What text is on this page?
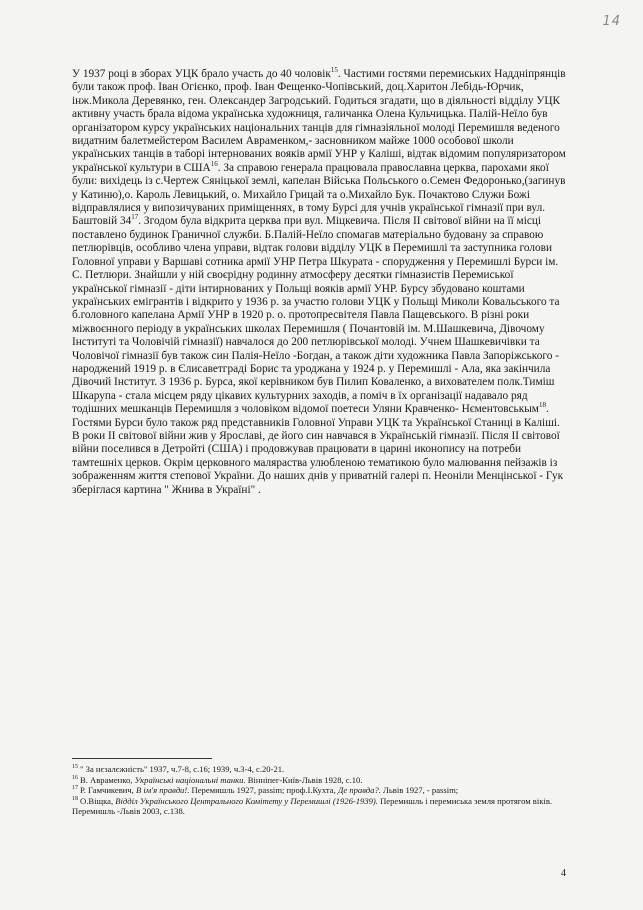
14

У 1937 році в зборах УЦК брало участь до 40 чоловік$^{15}$. Частими гостями перемиських Наддніпрянців були також проф. Іван Огієнко, проф. Іван Фещенко-Чопівський, доц.Харитон Лебідь-Юрчик, інж.Микола Деревянко, ген. Олександер Загродський. Годиться згадати, що в діяльності відділу УЦК активну участь брала відома українська художниця, галичанка Олена Кульчицька. Палій-Неїло був організатором курсу українських національних танців для гімназіяльної молоді Перемишля веденого видатним балетмейстером Василем Авраменком,- засновником майже 1000 особової школи українських танців в таборі інтернованих вояків армії УНР у Каліші, відтак відомим популяризатором української культури в США$^{16}$. За справою генерала працювала православна церква, парохами якої були: вихідець із с.Чертеж Сяніцької землі, капелан Війська Польського о.Семен Федоронько,(загинув у Катиню),о. Кароль Левицький, о. Михайло Грицай та о.Михайло Бук. Почактово Служи Божі відправлялися у випозичуваних приміщеннях, в тому Бурсі для учнів української гімназії при вул. Баштовій $34^{17}$. Згодом була відкрита церква при вул. Міцкевича. Після II світової війни на її місці поставлено будинок Граничної служби. Б.Палій-Неїло спомагав матеріально будовану за справою петлюрівців, особливо члена управи, відтак голови відділу УЦК в Перемишлі та заступника голови Головної управи у Варшаві сотника армії УНР Петра Шкурата - спорудження у Перемишлі Бурси ім. С. Петлюри. Знайшли у ній своєрідну родинну атмосферу десятки гімназистів Перемиської української гімназії - діти інтирнованих у Польщі вояків армії УНР. Бурсу збудовано коштами українських емігрантів і відкрито у 1936 р. за участю голови УЦК у Польщі Миколи Ковальського та б.головного капелана Армії УНР в 1920 р. о. протопресвітеля Павла Пащевського. В різні роки міжвоєнного періоду в українських школах Перемишля ( Почантовій ім. М.Шашкевича, Дівочому Інституті та Чоловічій гімназії) навчалося до 200 петлюрівської молоді. Учнем Шашкевичівки та Чоловічої гімназії був також син Палія-Неїло -Богдан, а також діти художника Павла Запоріжського - народжений 1919 р. в Єлисаветграді Борис та уроджана у 1924 р. у Перемишлі - Ала, яка закінчила Дівочий Інститут. З 1936 р. Бурса, якої керівником був Пилип Коваленко, а вихователем полк.Тиміш Шкарупа - стала місцем ряду цікавих культурних заходів, а поміч в їх організації надавало ряд тодішних мешканців Перемишля з чоловіком відомої поетеси Уляни Кравченко- Нєментовськым$^{18}$. Гостями Бурси було також ряд представників Головної Управи УЦК та Української Станиці в Каліші. В роки II світової війни жив у Ярославі, де його син навчався в Українській гімназії. Після II світової війни поселився в Детройті (США) і продовжував працювати в царині иконопису на потреби тамтешніх церков. Окрім церковного маляраства улюбленою тематикою було малювання пейзажів із зображенням життя степової України. До наших днів у приватній галері п. Неоніли Менцінської - Гук зберіглася картина " Жнива в Україні" .

$^{15}$ " За нєзалєжність" 1937, ч.7-8, с.16; 1939, ч.3-4, с.20-21.

$^{16}$ В. Авраменко, Українські національні танки. Вінніпег-Київ-Львів 1928, с.10.

$^{17}$ Р. Гамчикевич, В ім'я правди!. Перемишль 1927, passim; проф.І.Кухта, Де правда?. Львів 1927, - passim;

$^{18}$ О.Віщка, Відділ Українського Центрального Комітету у Перемишлі (1926-1939). Перемишль і перемиська земля протягом віків. Перемишль -Львів 2003, с.138.

4
